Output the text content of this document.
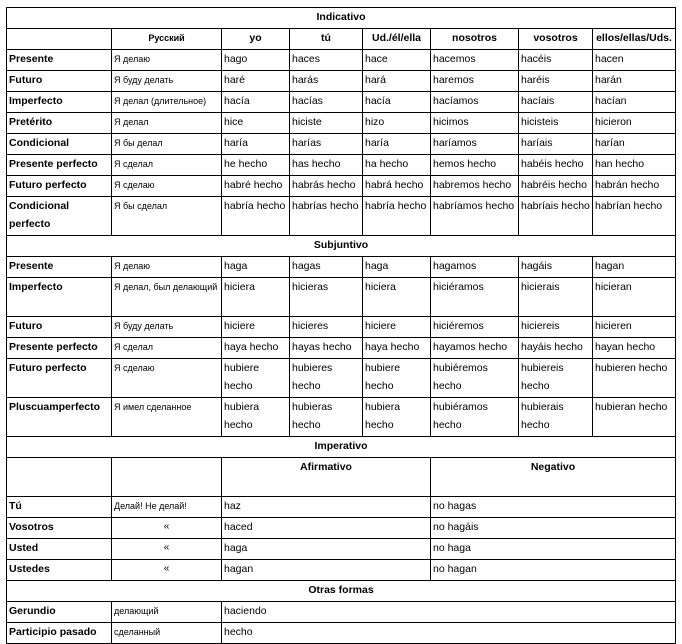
Indicativo							
	Русский	yo	tú	Ud./él/ella	nosotros	vosotros	ellos/ellas/Uds.
Presente	Я делаю	hago	haces	hace	hacemos	hacéis	hacen
Futuro	Я буду делать	haré	harás	hará	haremos	haréis	harán
Imperfecto	Я делал (длительное)	hacía	hacías	hacía	hacíamos	hacíais	hacían
Pretérito	Я делал	hice	hiciste	hizo	hicimos	hicisteis	hicieron
Condicional	Я бы делал	haría	harías	haría	haríamos	haríais	harían
Presente perfecto	Я сделал	he hecho	has hecho	ha hecho	hemos hecho	habéis hecho	han hecho
Futuro perfecto	Я сделаю	habré hecho	habrás hecho	habrá hecho	habremos hecho	habréis hecho	habrán hecho
Condicional perfecto	Я бы сделал	habría hecho	habrías hecho	habría hecho	habríamos hecho	habríais hecho	habrían hecho
Subjuntivo							
Presente	Я делаю	haga	hagas	haga	hagamos	hagáis	hagan
Imperfecto	Я делал, был делающий	hiciera	hicieras	hiciera	hiciéramos	hicierais	hicieran
Futuro	Я буду делать	hiciere	hicieres	hiciere	hiciéremos	hiciereis	hicieren
Presente perfecto	Я сделал	haya hecho	hayas hecho	haya hecho	hayamos hecho	hayáis hecho	hayan hecho
Futuro perfecto	Я сделаю	hubiere hecho	hubieres hecho	hubiere hecho	hubiéremos hecho	hubiereis hecho	hubieren hecho
Pluscuamperfecto	Я имел сделанное	hubiera hecho	hubieras hecho	hubiera hecho	hubiéramos hecho	hubierais hecho	hubieran hecho
Imperativo							
		Afirmativo			Negativo		
Tú	Делай! Не делай!	haz			no hagas		
Vosotros	«	haced			no hagáis		
Usted	«	haga			no haga		
Ustedes	«	hagan			no hagan		
Otras formas							
Gerundio	делающий	haciendo					
Participio pasado	сделанный	hecho					
